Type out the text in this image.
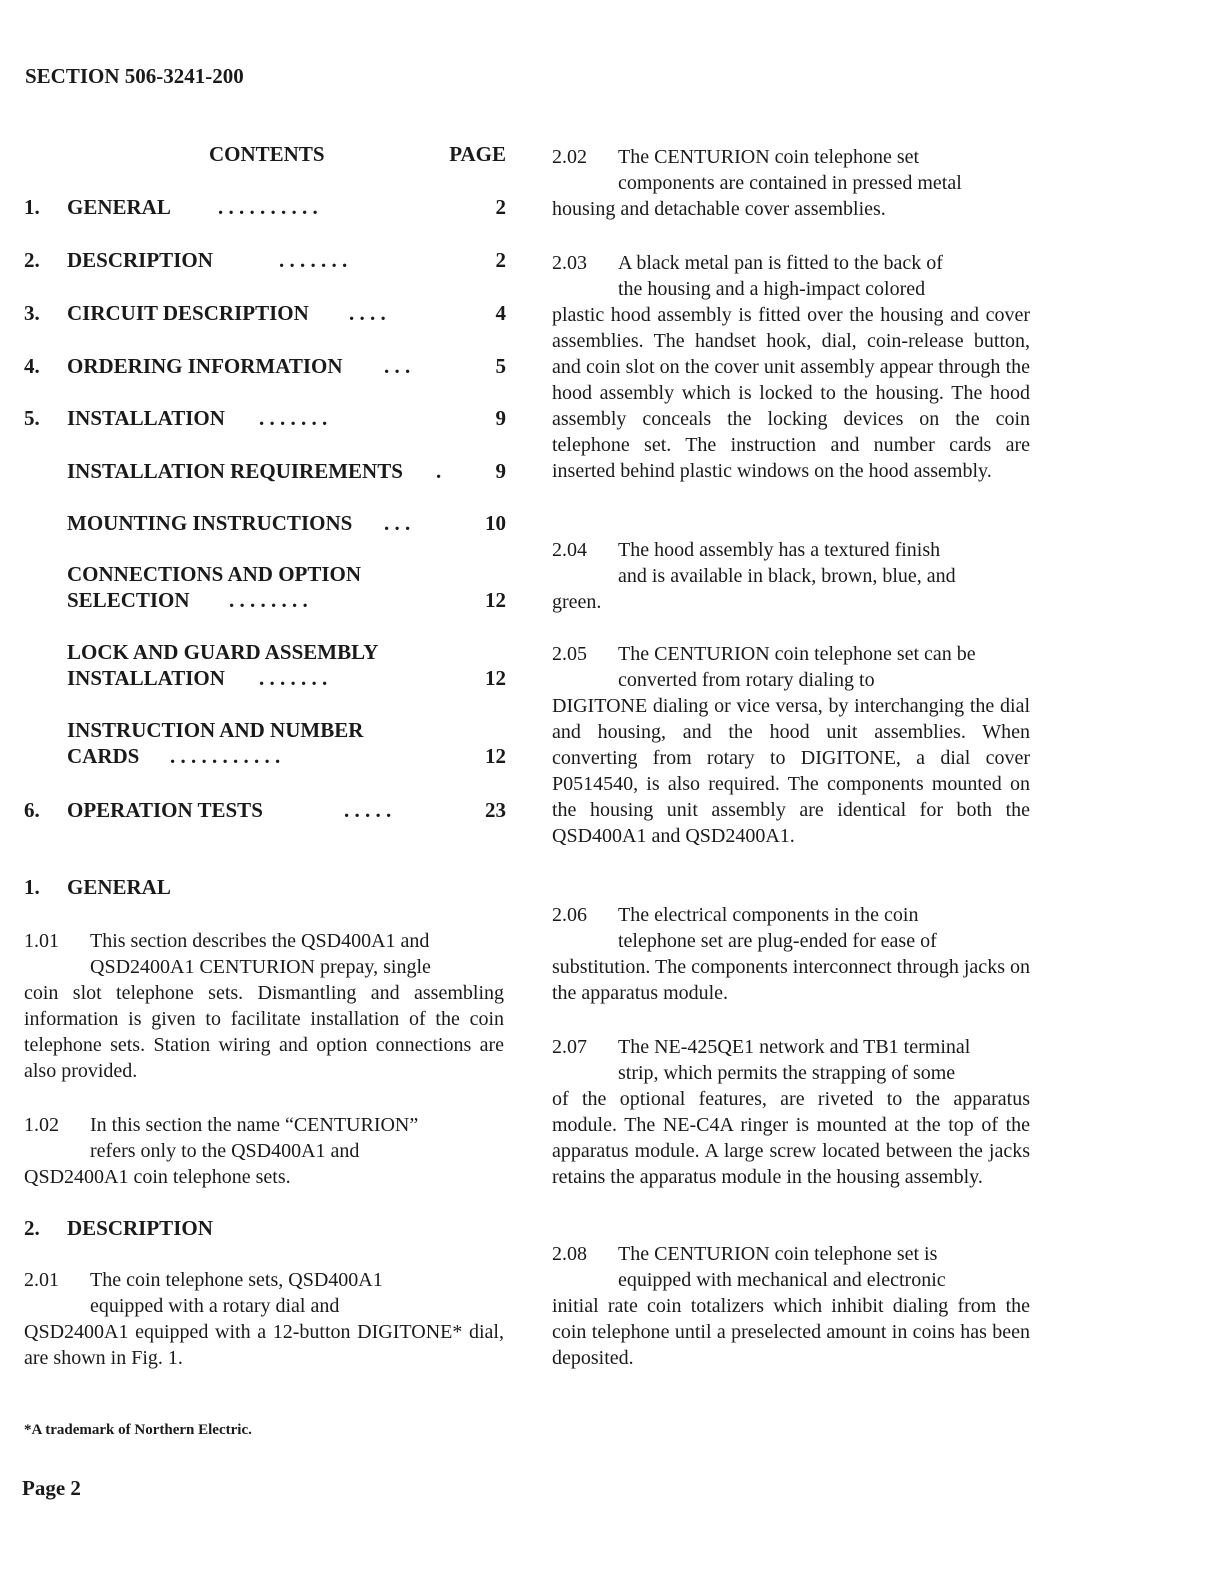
SECTION 506-3241-200
CONTENTS	PAGE
1. GENERAL . . . . . . . . . .	2
2. DESCRIPTION	. . . . . . .	2
3. CIRCUIT DESCRIPTION . . . .	4
4. ORDERING INFORMATION . . .	5
5. INSTALLATION . . . . . . .	9
INSTALLATION REQUIREMENTS .	9
MOUNTING INSTRUCTIONS . . .	10
CONNECTIONS AND OPTION
SELECTION . . . . . . . .	12
LOCK AND GUARD ASSEMBLY
INSTALLATION . . . . . . .	12
INSTRUCTION AND NUMBER
CARDS . . . . . . . . . . .	12
6. OPERATION TESTS	. . . . .	23
1. GENERAL
1.01 This section describes the QSD400A1 and
QSD2400A1 CENTURION prepay, single
coin slot telephone sets. Dismantling and assembling information is given to facilitate installation of the coin telephone sets. Station wiring and option connections are also provided.
1.02 In this section the name “CENTURION”
refers only to the QSD400A1 and
QSD2400A1 coin telephone sets.
2. DESCRIPTION
2.01 The coin telephone sets, QSD400A1
equipped with a rotary dial and
QSD2400A1 equipped with a 12-button DIGITONE* dial, are shown in Fig. 1.
2.02 The CENTURION coin telephone set
components are contained in pressed metal
housing and detachable cover assemblies.
2.03 A black metal pan is fitted to the back of
the housing and a high-impact colored
plastic hood assembly is fitted over the housing and cover assemblies. The handset hook, dial, coin-release button, and coin slot on the cover unit assembly appear through the hood assembly which is locked to the housing. The hood assembly conceals the locking devices on the coin telephone set. The instruction and number cards are inserted behind plastic windows on the hood assembly.
2.04 The hood assembly has a textured finish
and is available in black, brown, blue, and
green.
2.05 The CENTURION coin telephone set can be
converted from rotary dialing to
DIGITONE dialing or vice versa, by interchanging the dial and housing, and the hood unit assemblies. When converting from rotary to DIGITONE, a dial cover P0514540, is also required. The components mounted on the housing unit assembly are identical for both the QSD400A1 and QSD2400A1.
2.06 The electrical components in the coin
telephone set are plug-ended for ease of
substitution. The components interconnect through jacks on the apparatus module.
2.07 The NE-425QE1 network and TB1 terminal
strip, which permits the strapping of some
of the optional features, are riveted to the apparatus module. The NE-C4A ringer is mounted at the top of the apparatus module. A large screw located between the jacks retains the apparatus module in the housing assembly.
2.08 The CENTURION coin telephone set is
equipped with mechanical and electronic
initial rate coin totalizers which inhibit dialing from the coin telephone until a preselected amount in coins has been deposited.
*A trademark of Northern Electric.
Page 2
